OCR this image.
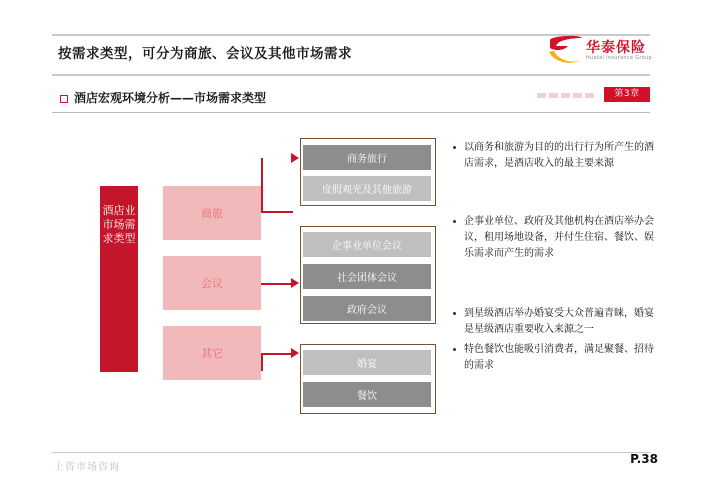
按需求类型，可分为商旅、会议及其他市场需求	华泰保险
Huatai Insurance Group
酒店宏观环境分析——市场需求类型	第3章
酒店业市场需求类型
商旅
会议
其它
商务旅行
度假观光及其他旅游
企事业单位会议
社会团体会议
政府会议
婚宴
餐饮
以商务和旅游为目的的出行行为所产生的酒店需求，是酒店收入的最主要来源
企事业单位、政府及其他机构在酒店举办会议，租用场地设备，并付生住宿、餐饮、娱乐需求而产生的需求
到星级酒店举办婚宴受大众普遍青睐，婚宴是星级酒店重要收入来源之一
特色餐饮也能吸引消费者，满足聚餐、招待的需求
上咨市场咨询
P.38
